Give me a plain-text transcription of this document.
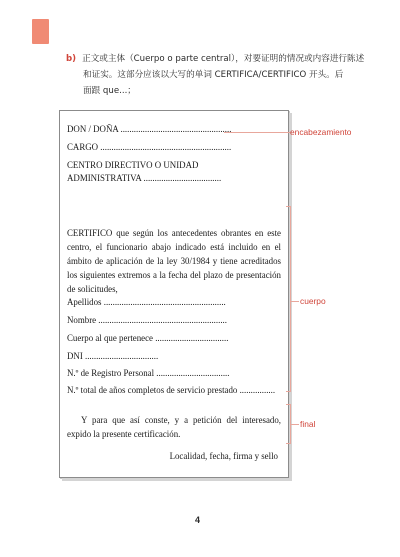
b) 正文或主体（Cuerpo o parte central），对要证明的情况或内容进行陈述
和证实。这部分应该以大写的单词 CERTIFICA/CERTIFICO 开头。后
面跟 que...；
DON / DOÑA ..................................................
CARGO ...........................................................
CENTRO DIRECTIVO O UNIDAD
ADMINISTRATIVA ...................................
CERTIFICO que según los antecedentes obrantes en este centro, el funcionario abajo indicado está incluido en el ámbito de aplicación de la ley 30/1984 y tiene acreditados los siguientes extremos a la fecha del plazo de presentación de solicitudes,
Apellidos .......................................................
Nombre ..........................................................
Cuerpo al que pertenece .................................
DNI .................................
N.º de Registro Personal .................................
N.º total de años completos de servicio prestado ................
Y para que así conste, y a petición del interesado, expido la presente certificación.
Localidad, fecha, firma y sello
encabezamiento
cuerpo
final
4
